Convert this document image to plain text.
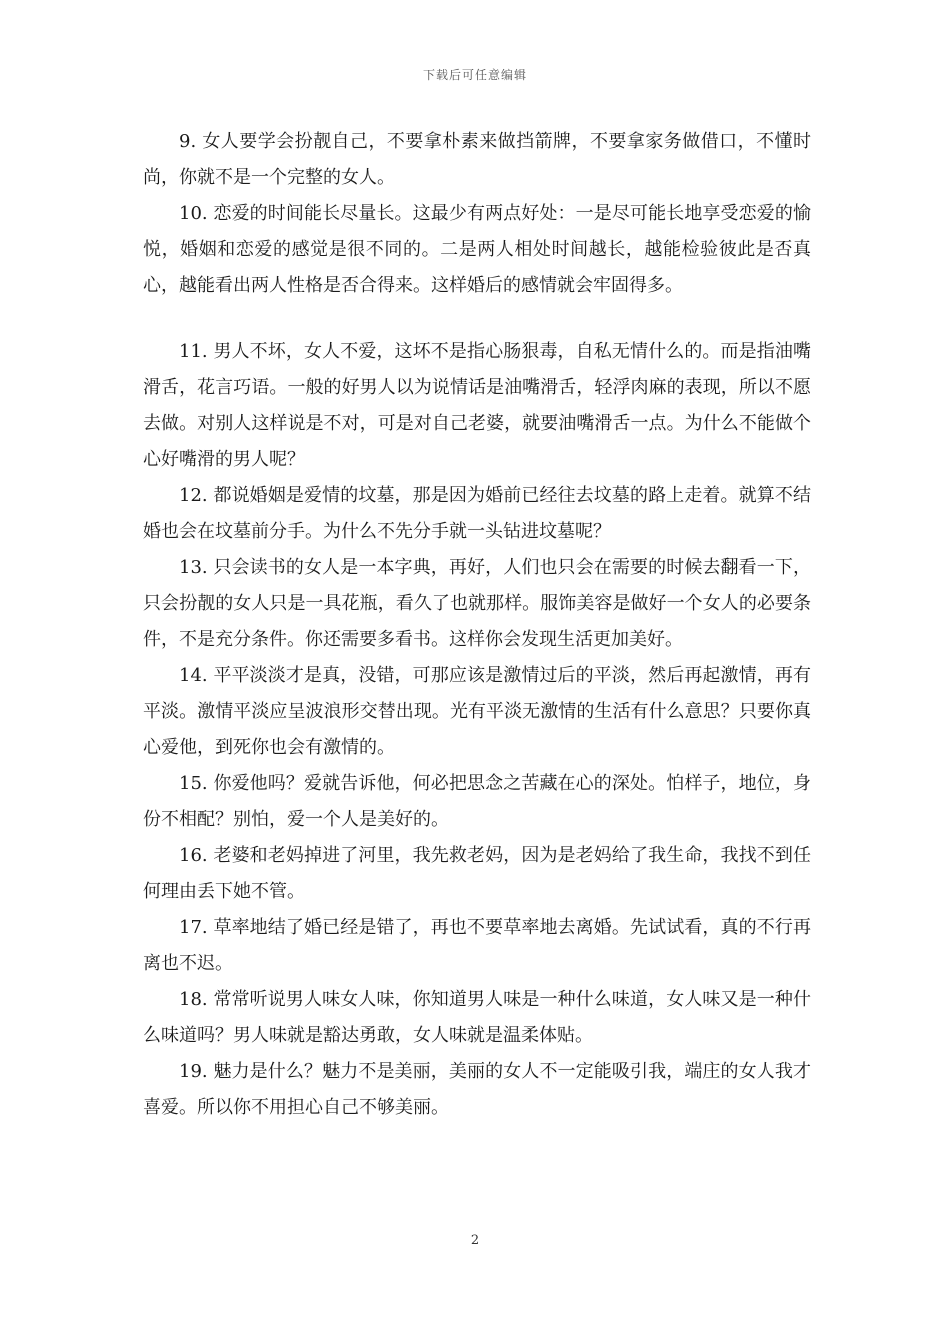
下载后可任意编辑

9. 女人要学会扮靓自己，不要拿朴素来做挡箭牌，不要拿家务做借口，不懂时尚，你就不是一个完整的女人。

10. 恋爱的时间能长尽量长。这最少有两点好处：一是尽可能长地享受恋爱的愉悦，婚姻和恋爱的感觉是很不同的。二是两人相处时间越长，越能检验彼此是否真心，越能看出两人性格是否合得来。这样婚后的感情就会牢固得多。

11. 男人不坏，女人不爱，这坏不是指心肠狠毒，自私无情什么的。而是指油嘴滑舌，花言巧语。一般的好男人以为说情话是油嘴滑舌，轻浮肉麻的表现，所以不愿去做。对别人这样说是不对，可是对自己老婆，就要油嘴滑舌一点。为什么不能做个心好嘴滑的男人呢？

12. 都说婚姻是爱情的坟墓，那是因为婚前已经往去坟墓的路上走着。就算不结婚也会在坟墓前分手。为什么不先分手就一头钻进坟墓呢？

13. 只会读书的女人是一本字典，再好，人们也只会在需要的时候去翻看一下，只会扮靓的女人只是一具花瓶，看久了也就那样。服饰美容是做好一个女人的必要条件，不是充分条件。你还需要多看书。这样你会发现生活更加美好。

14. 平平淡淡才是真，没错，可那应该是激情过后的平淡，然后再起激情，再有平淡。激情平淡应呈波浪形交替出现。光有平淡无激情的生活有什么意思？只要你真心爱他，到死你也会有激情的。

15. 你爱他吗？爱就告诉他，何必把思念之苦藏在心的深处。怕样子，地位，身份不相配？别怕，爱一个人是美好的。

16. 老婆和老妈掉进了河里，我先救老妈，因为是老妈给了我生命，我找不到任何理由丢下她不管。

17. 草率地结了婚已经是错了，再也不要草率地去离婚。先试试看，真的不行再离也不迟。

18. 常常听说男人味女人味，你知道男人味是一种什么味道，女人味又是一种什么味道吗？男人味就是豁达勇敢，女人味就是温柔体贴。

19. 魅力是什么？魅力不是美丽，美丽的女人不一定能吸引我，端庄的女人我才喜爱。所以你不用担心自己不够美丽。

2
